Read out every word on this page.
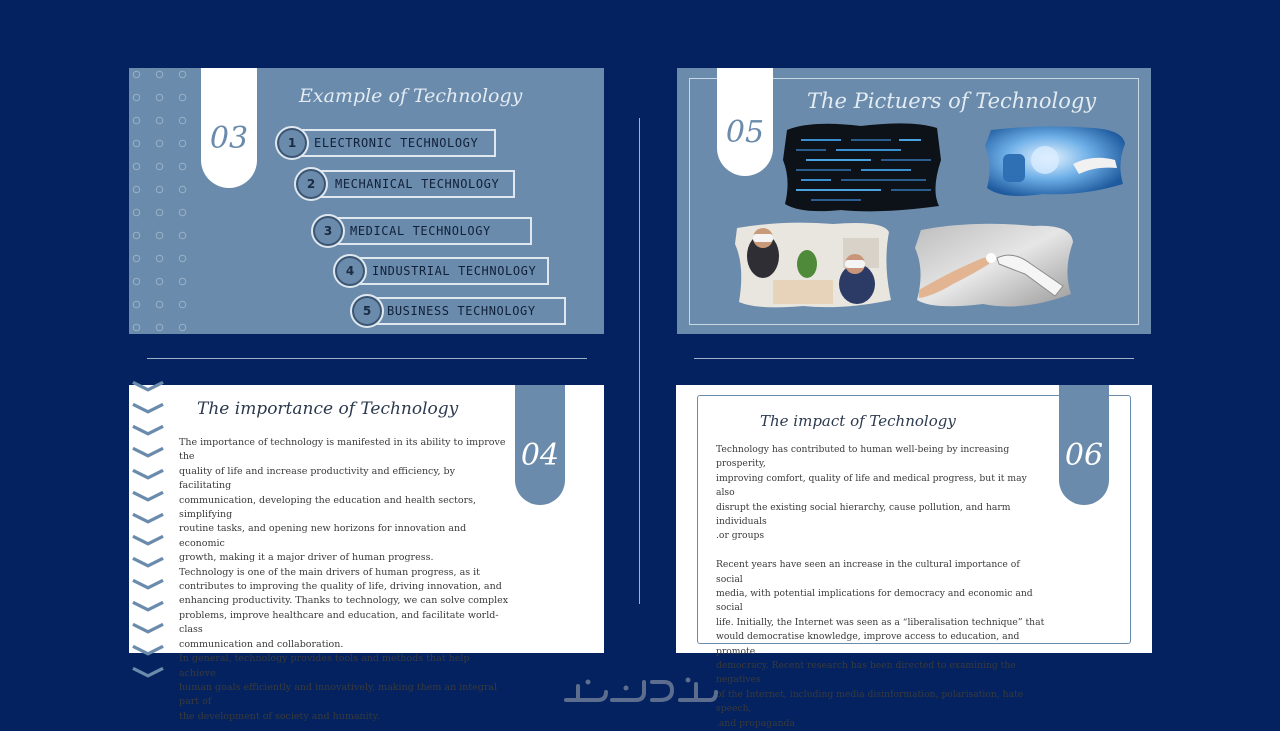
03
Example of Technology
1	ELECTRONIC TECHNOLOGY
2	MECHANICAL TECHNOLOGY
3	MEDICAL TECHNOLOGY
4	INDUSTRIAL TECHNOLOGY
5	BUSINESS TECHNOLOGY
05
The Pictuers of Technology
04
The importance of Technology
The importance of technology is manifested in its ability to improve the
quality of life and increase productivity and efficiency, by facilitating
communication, developing the education and health sectors, simplifying
routine tasks, and opening new horizons for innovation and economic
growth, making it a major driver of human progress.
Technology is one of the main drivers of human progress, as it
contributes to improving the quality of life, driving innovation, and
enhancing productivity. Thanks to technology, we can solve complex
problems, improve healthcare and education, and facilitate world-class
communication and collaboration.
In general, technology provides tools and methods that help achieve
human goals efficiently and innovatively, making them an integral part of
the development of society and humanity.
06
The impact of Technology
Technology has contributed to human well-being by increasing prosperity,
improving comfort, quality of life and medical progress, but it may also
disrupt the existing social hierarchy, cause pollution, and harm individuals
.or groups
Recent years have seen an increase in the cultural importance of social
media, with potential implications for democracy and economic and social
life. Initially, the Internet was seen as a “liberalisation technique” that
would democratise knowledge, improve access to education, and promote
democracy. Recent research has been directed to examining the negatives
of the Internet, including media disinformation, polarisation, hate speech,
.and propaganda
